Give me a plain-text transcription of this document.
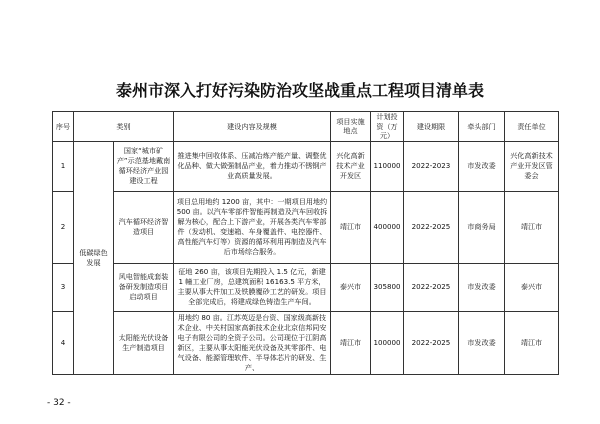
泰州市深入打好污染防治攻坚战重点工程项目清单表
序号	类别		建设内容及规模	项目实施地点	计划投资（万元）	建设期限	牵头部门	责任单位
1	低碳绿色发展	国家“城市矿产”示范基地戴南循环经济产业园建设工程	推进集中回收体系、压减冶炼产能产量、调整优化品种、做大做强制品产业，着力推动不锈钢产业高质量发展。	兴化高新技术产业开发区	110000	2022-2023	市发改委	兴化高新技术产业开发区管委会
2		汽车循环经济智造项目	项目总用地约 1200 亩，其中：一期项目用地约 500 亩。以汽车零部件智能再制造及汽车回收拆解为核心，配合上下游产业，开展各类汽车零部件（发动机、变速箱、车身覆盖件、电控器件、高性能汽车灯等）资源的循环利用再制造及汽车后市场综合服务。	靖江市	400000	2022-2025	市商务局	靖江市
3		风电智能成套装备研发制造项目启动项目	征地 260 亩，该项目先期投入 1.5 亿元，新建 1 幢工业厂房，总建筑面积 16163.5 平方米，主要从事大件加工及铁膜覆砂工艺的研发。项目全部完成后，将建成绿色铸造生产车间。	泰兴市	305800	2022-2025	市发改委	泰兴市
4		太阳能光伏设备生产制造项目	用地约 80 亩。江苏英迈是台资、国家级高新技术企业、中关村国家高新技术企业北京信邦同安电子有限公司的全资子公司。公司现位于江阴高新区，主要从事太阳能光伏设备及其零部件、电气设备、能源管理软件、半导体芯片的研发、生产、	靖江市	100000	2022-2025	市发改委	靖江市

- 32 -
